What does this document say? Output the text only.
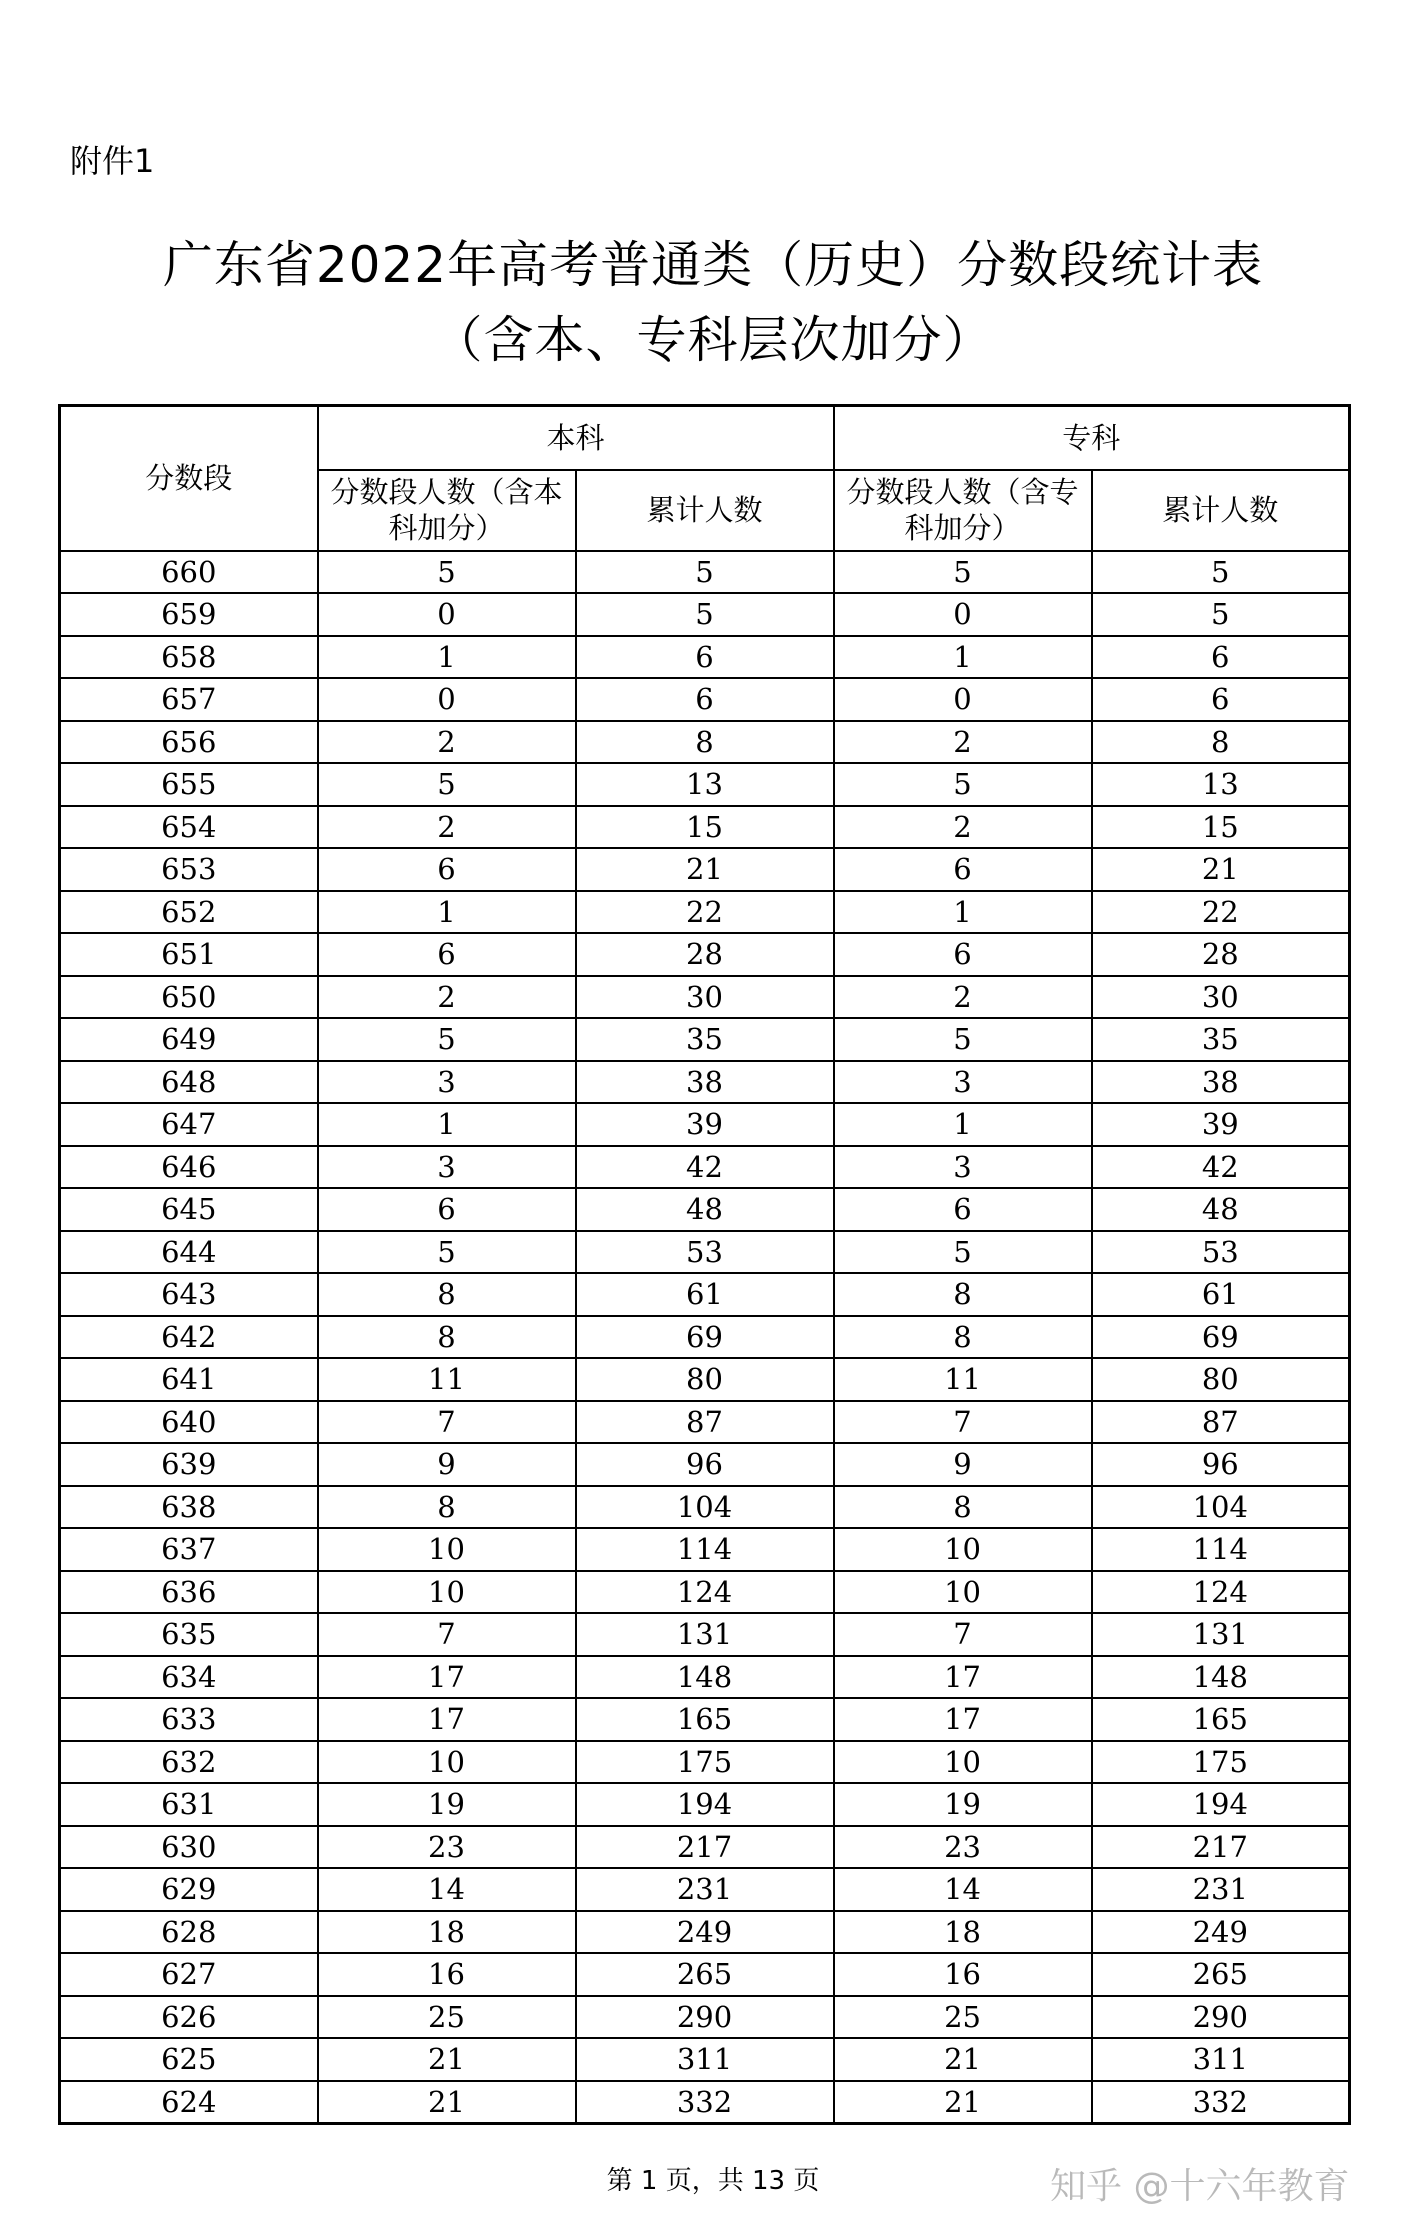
附件1
广东省2022年高考普通类（历史）分数段统计表
（含本、专科层次加分）
分数段	本科		专科	
	分数段人数（含本科加分）	累计人数	分数段人数（含专科加分）	累计人数
660	5	5	5	5
659	0	5	0	5
658	1	6	1	6
657	0	6	0	6
656	2	8	2	8
655	5	13	5	13
654	2	15	2	15
653	6	21	6	21
652	1	22	1	22
651	6	28	6	28
650	2	30	2	30
649	5	35	5	35
648	3	38	3	38
647	1	39	1	39
646	3	42	3	42
645	6	48	6	48
644	5	53	5	53
643	8	61	8	61
642	8	69	8	69
641	11	80	11	80
640	7	87	7	87
639	9	96	9	96
638	8	104	8	104
637	10	114	10	114
636	10	124	10	124
635	7	131	7	131
634	17	148	17	148
633	17	165	17	165
632	10	175	10	175
631	19	194	19	194
630	23	217	23	217
629	14	231	14	231
628	18	249	18	249
627	16	265	16	265
626	25	290	25	290
625	21	311	21	311
624	21	332	21	332
第 1 页，共 13 页	知乎 @十六年教育
